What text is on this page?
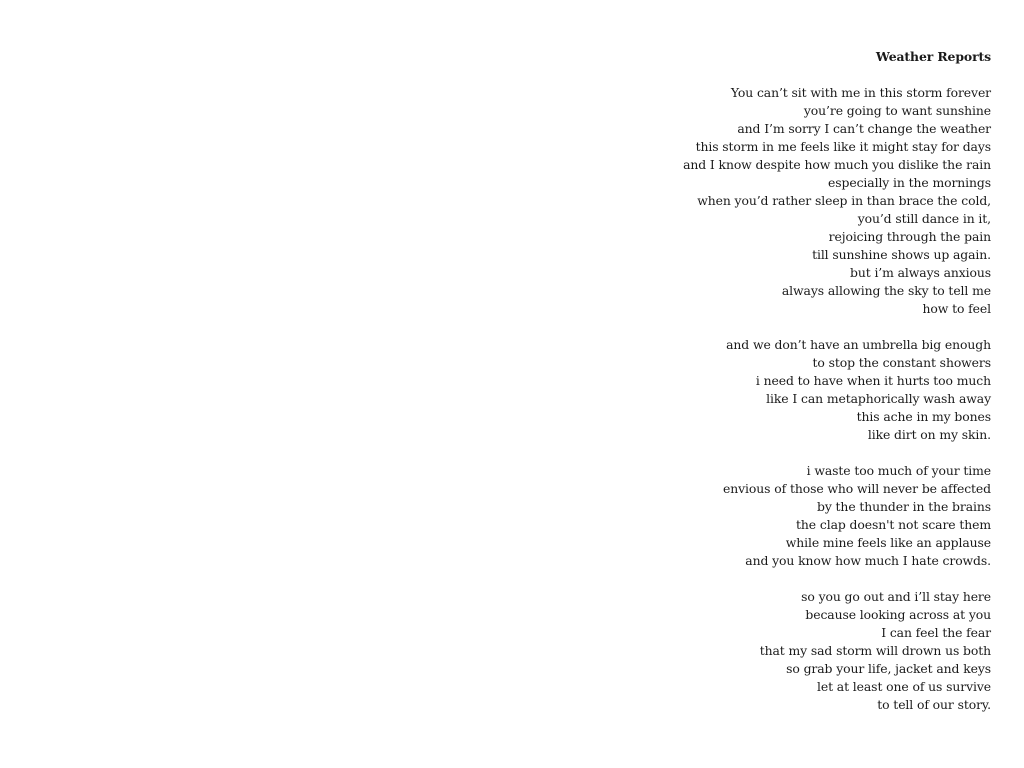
Weather Reports
You can’t sit with me in this storm forever
you’re going to want sunshine
and I’m sorry I can’t change the weather
this storm in me feels like it might stay for days
and I know despite how much you dislike the rain
especially in the mornings
when you’d rather sleep in than brace the cold,
you’d still dance in it,
rejoicing through the pain
till sunshine shows up again.
but i’m always anxious
always allowing the sky to tell me
how to feel
and we don’t have an umbrella big enough
to stop the constant showers
i need to have when it hurts too much
like I can metaphorically wash away
this ache in my bones
like dirt on my skin.
i waste too much of your time
envious of those who will never be affected
by the thunder in the brains
the clap doesn't not scare them
while mine feels like an applause
and you know how much I hate crowds.
so you go out and i’ll stay here
because looking across at you
I can feel the fear
that my sad storm will drown us both
so grab your life, jacket and keys
let at least one of us survive
to tell of our story.
